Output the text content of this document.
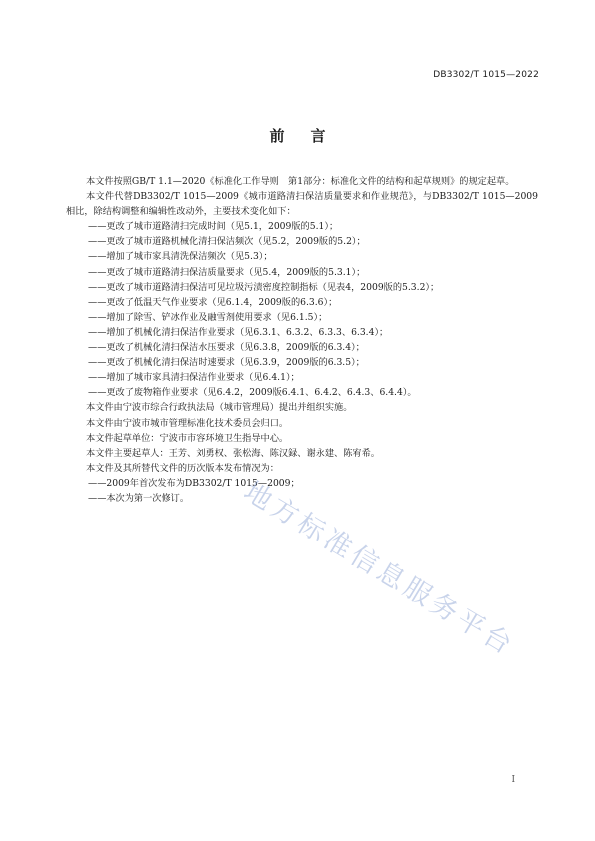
DB3302/T 1015—2022
前言

本文件按照GB/T 1.1—2020《标准化工作导则　第1部分：标准化文件的结构和起草规则》的规定起草。

本文件代替DB3302/T 1015—2009《城市道路清扫保洁质量要求和作业规范》，与DB3302/T 1015—2009相比，除结构调整和编辑性改动外，主要技术变化如下：

——更改了城市道路清扫完成时间（见5.1，2009版的5.1）；

——更改了城市道路机械化清扫保洁频次（见5.2，2009版的5.2）；

——增加了城市家具清洗保洁频次（见5.3）；

——更改了城市道路清扫保洁质量要求（见5.4，2009版的5.3.1）；

——更改了城市道路清扫保洁可见垃圾污渍密度控制指标（见表4，2009版的5.3.2）；

——更改了低温天气作业要求（见6.1.4，2009版的6.3.6）；

——增加了除雪、铲冰作业及融雪剂使用要求（见6.1.5）；

——增加了机械化清扫保洁作业要求（见6.3.1、6.3.2、6.3.3、6.3.4）；

——更改了机械化清扫保洁水压要求（见6.3.8，2009版的6.3.4）；

——更改了机械化清扫保洁时速要求（见6.3.9，2009版的6.3.5）；

——增加了城市家具清扫保洁作业要求（见6.4.1）；

——更改了废物箱作业要求（见6.4.2，2009版6.4.1、6.4.2、6.4.3、6.4.4）。

本文件由宁波市综合行政执法局（城市管理局）提出并组织实施。

本文件由宁波市城市管理标准化技术委员会归口。

本文件起草单位：宁波市市容环境卫生指导中心。

本文件主要起草人：王芳、刘勇权、张松海、陈汉録、谢永建、陈宥希。

本文件及其所替代文件的历次版本发布情况为：

——2009年首次发布为DB3302/T 1015—2009；

——本次为第一次修订。	地方标准信息服务平台
I
